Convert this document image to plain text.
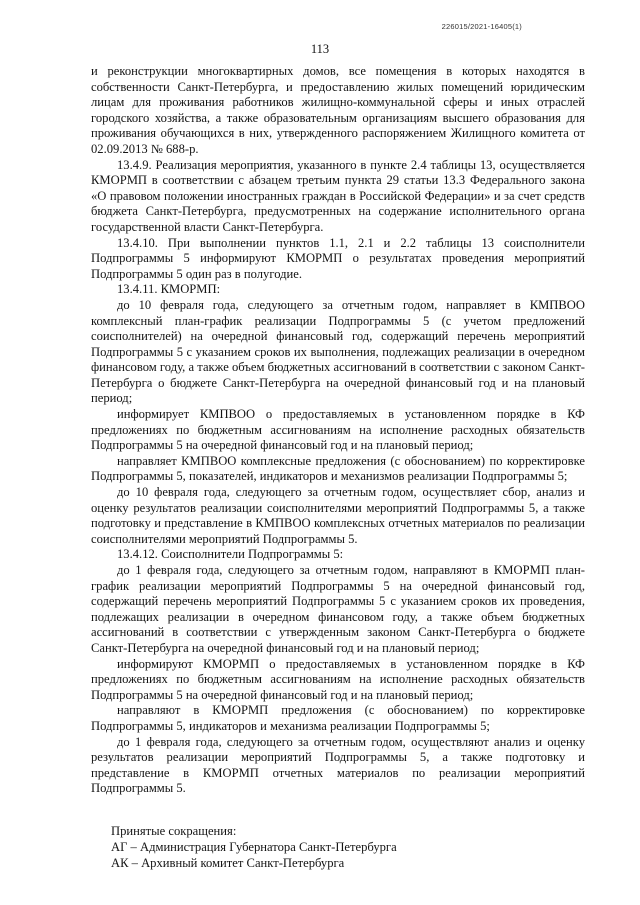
226015/2021-16405(1)
113

и реконструкции многоквартирных домов, все помещения в которых находятся в собственности Санкт-Петербурга, и предоставлению жилых помещений юридическим лицам для проживания работников жилищно-коммунальной сферы и иных отраслей городского хозяйства, а также образовательным организациям высшего образования для проживания обучающихся в них, утвержденного распоряжением Жилищного комитета от 02.09.2013 № 688-р.

13.4.9. Реализация мероприятия, указанного в пункте 2.4 таблицы 13, осуществляется КМОРМП в соответствии с абзацем третьим пункта 29 статьи 13.3 Федерального закона «О правовом положении иностранных граждан в Российской Федерации» и за счет средств бюджета Санкт-Петербурга, предусмотренных на содержание исполнительного органа государственной власти Санкт-Петербурга.

13.4.10. При выполнении пунктов 1.1, 2.1 и 2.2 таблицы 13 соисполнители Подпрограммы 5 информируют КМОРМП о результатах проведения мероприятий Подпрограммы 5 один раз в полугодие.

13.4.11. КМОРМП:

до 10 февраля года, следующего за отчетным годом, направляет в КМПВОО комплексный план-график реализации Подпрограммы 5 (с учетом предложений соисполнителей) на очередной финансовый год, содержащий перечень мероприятий Подпрограммы 5 с указанием сроков их выполнения, подлежащих реализации в очередном финансовом году, а также объем бюджетных ассигнований в соответствии с законом Санкт-Петербурга о бюджете Санкт-Петербурга на очередной финансовый год и на плановый период;

информирует КМПВОО о предоставляемых в установленном порядке в КФ предложениях по бюджетным ассигнованиям на исполнение расходных обязательств Подпрограммы 5 на очередной финансовый год и на плановый период;

направляет КМПВОО комплексные предложения (с обоснованием) по корректировке Подпрограммы 5, показателей, индикаторов и механизмов реализации Подпрограммы 5;

до 10 февраля года, следующего за отчетным годом, осуществляет сбор, анализ и оценку результатов реализации соисполнителями мероприятий Подпрограммы 5, а также подготовку и представление в КМПВОО комплексных отчетных материалов по реализации соисполнителями мероприятий Подпрограммы 5.

13.4.12. Соисполнители Подпрограммы 5:

до 1 февраля года, следующего за отчетным годом, направляют в КМОРМП план-график реализации мероприятий Подпрограммы 5 на очередной финансовый год, содержащий перечень мероприятий Подпрограммы 5 с указанием сроков их проведения, подлежащих реализации в очередном финансовом году, а также объем бюджетных ассигнований в соответствии с утвержденным законом Санкт-Петербурга о бюджете Санкт-Петербурга на очередной финансовый год и на плановый период;

информируют КМОРМП о предоставляемых в установленном порядке в КФ предложениях по бюджетным ассигнованиям на исполнение расходных обязательств Подпрограммы 5 на очередной финансовый год и на плановый период;

направляют в КМОРМП предложения (с обоснованием) по корректировке Подпрограммы 5, индикаторов и механизма реализации Подпрограммы 5;

до 1 февраля года, следующего за отчетным годом, осуществляют анализ и оценку результатов реализации мероприятий Подпрограммы 5, а также подготовку и представление в КМОРМП отчетных материалов по реализации мероприятий Подпрограммы 5.

Принятые сокращения:

АГ – Администрация Губернатора Санкт-Петербурга

АК – Архивный комитет Санкт-Петербурга
